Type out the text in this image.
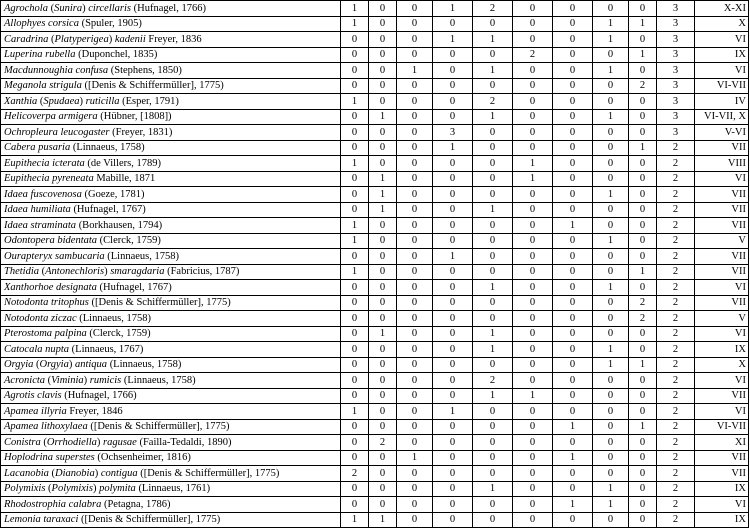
Agrochola (Sunira) circellaris (Hufnagel, 1766)	1	0	0	1	2	0	0	0	0	3	X-XI
Allophyes corsica (Spuler, 1905)	1	0	0	0	0	0	0	1	1	3	X
Caradrina (Platyperigea) kadenii Freyer, 1836	0	0	0	1	1	0	0	1	0	3	VI
Luperina rubella (Duponchel, 1835)	0	0	0	0	0	2	0	0	1	3	IX
Macdunnoughia confusa (Stephens, 1850)	0	0	1	0	1	0	0	1	0	3	VI
Meganola strigula ([Denis & Schiffermüller], 1775)	0	0	0	0	0	0	0	0	2	3	VI-VII
Xanthia (Spudaea) ruticilla (Esper, 1791)	1	0	0	0	2	0	0	0	0	3	IV
Helicoverpa armigera (Hübner, [1808])	0	1	0	0	1	0	0	1	0	3	VI-VII, X
Ochropleura leucogaster (Freyer, 1831)	0	0	0	3	0	0	0	0	0	3	V-VI
Cabera pusaria (Linnaeus, 1758)	0	0	0	1	0	0	0	0	1	2	VII
Eupithecia icterata (de Villers, 1789)	1	0	0	0	0	1	0	0	0	2	VIII
Eupithecia pyreneata Mabille, 1871	0	1	0	0	0	1	0	0	0	2	VI
Idaea fuscovenosa (Goeze, 1781)	0	1	0	0	0	0	0	1	0	2	VII
Idaea humiliata (Hufnagel, 1767)	0	1	0	0	1	0	0	0	0	2	VII
Idaea straminata (Borkhausen, 1794)	1	0	0	0	0	0	1	0	0	2	VII
Odontopera bidentata (Clerck, 1759)	1	0	0	0	0	0	0	1	0	2	V
Ourapteryx sambucaria (Linnaeus, 1758)	0	0	0	1	0	0	0	0	0	2	VII
Thetidia (Antonechloris) smaragdaria (Fabricius, 1787)	1	0	0	0	0	0	0	0	1	2	VII
Xanthorhoe designata (Hufnagel, 1767)	0	0	0	0	1	0	0	1	0	2	VI
Notodonta tritophus ([Denis & Schiffermüller], 1775)	0	0	0	0	0	0	0	0	2	2	VII
Notodonta ziczac (Linnaeus, 1758)	0	0	0	0	0	0	0	0	2	2	V
Pterostoma palpina (Clerck, 1759)	0	1	0	0	1	0	0	0	0	2	VI
Catocala nupta (Linnaeus, 1767)	0	0	0	0	1	0	0	1	0	2	IX
Orgyia (Orgyia) antiqua (Linnaeus, 1758)	0	0	0	0	0	0	0	1	1	2	X
Acronicta (Viminia) rumicis (Linnaeus, 1758)	0	0	0	0	2	0	0	0	0	2	VI
Agrotis clavis (Hufnagel, 1766)	0	0	0	0	1	1	0	0	0	2	VII
Apamea illyria Freyer, 1846	1	0	0	1	0	0	0	0	0	2	VI
Apamea lithoxylaea ([Denis & Schiffermüller], 1775)	0	0	0	0	0	0	1	0	1	2	VI-VII
Conistra (Orrhodiella) ragusae (Failla-Tedaldi, 1890)	0	2	0	0	0	0	0	0	0	2	XI
Hoplodrina superstes (Ochsenheimer, 1816)	0	0	1	0	0	0	1	0	0	2	VII
Lacanobia (Dianobia) contigua ([Denis & Schiffermüller], 1775)	2	0	0	0	0	0	0	0	0	2	VII
Polymixis (Polymixis) polymita (Linnaeus, 1761)	0	0	0	0	1	0	0	1	0	2	IX
Rhodostrophia calabra (Petagna, 1786)	0	0	0	0	0	0	1	1	0	2	VI
Lemonia taraxaci ([Denis & Schiffermüller], 1775)	1	1	0	0	0	0	0	0	0	2	IX
